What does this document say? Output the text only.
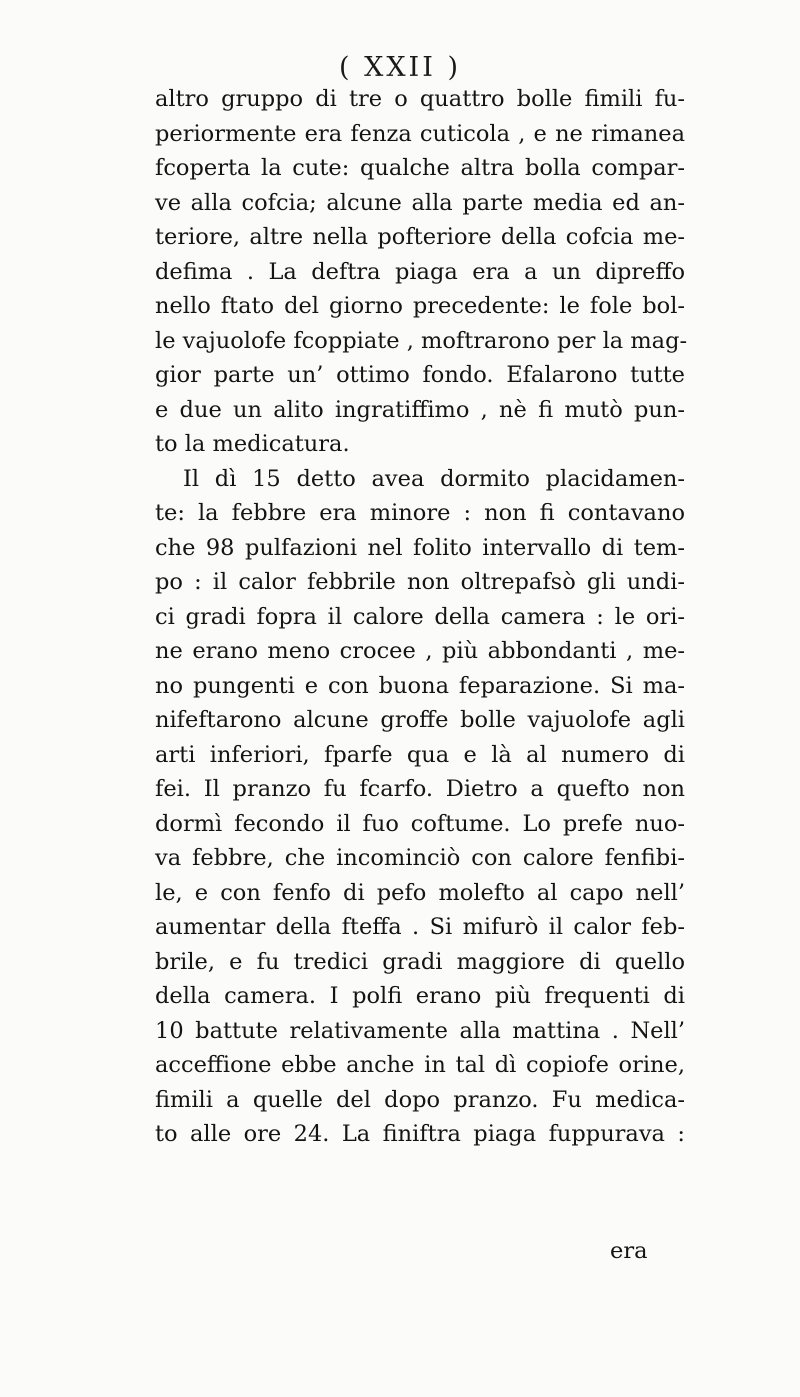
( XXII )
altro gruppo di tre o quattro bolle fimili fu-
periormente era fenza cuticola , e ne rimanea
fcoperta la cute: qualche altra bolla compar-
ve alla cofcia; alcune alla parte media ed an-
teriore, altre nella pofteriore della cofcia me-
defima . La deftra piaga era a un dipreffo
nello ftato del giorno precedente: le fole bol-
le vajuolofe fcoppiate , moftrarono per la mag-
gior parte un’ ottimo fondo. Efalarono tutte
e due un alito ingratiffimo , nè fi mutò pun-
to la medicatura.
Il dì 15 detto avea dormito placidamen-
te: la febbre era minore : non fi contavano
che 98 pulfazioni nel folito intervallo di tem-
po : il calor febbrile non oltrepafsò gli undi-
ci gradi fopra il calore della camera : le ori-
ne erano meno crocee , più abbondanti , me-
no pungenti e con buona feparazione. Si ma-
nifeftarono alcune groffe bolle vajuolofe agli
arti inferiori, fparfe qua e là al numero di
fei. Il pranzo fu fcarfo. Dietro a quefto non
dormì fecondo il fuo coftume. Lo prefe nuo-
va febbre, che incominciò con calore fenfibi-
le, e con fenfo di pefo molefto al capo nell’
aumentar della fteffa . Si mifurò il calor feb-
brile, e fu tredici gradi maggiore di quello
della camera. I polfi erano più frequenti di
10 battute relativamente alla mattina . Nell’
acceffione ebbe anche in tal dì copiofe orine,
fimili a quelle del dopo pranzo. Fu medica-
to alle ore 24. La finiftra piaga fuppurava :
era
